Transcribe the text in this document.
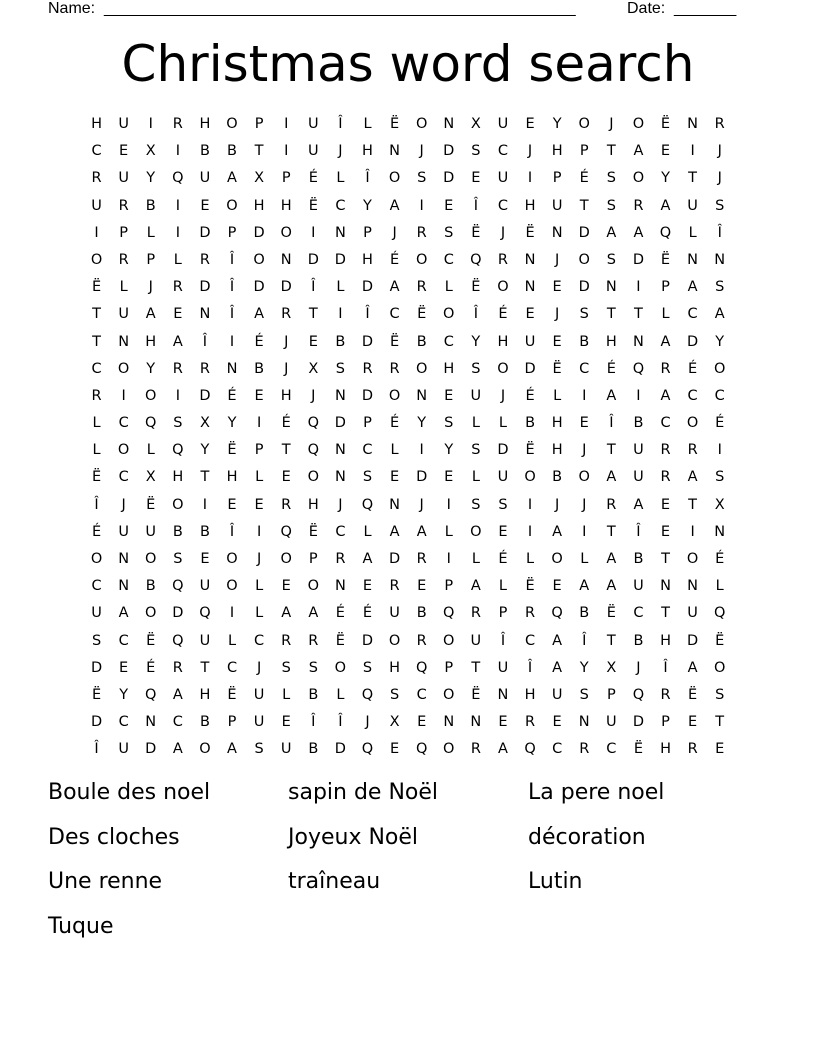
Name: _____________________________________________________	Date: _______
Christmas word search
H	U	I	R	H	O	P	I	U	Î	L	Ë	O	N	X	U	E	Y	O	J	O	Ë	N	R
C	E	X	I	B	B	T	I	U	J	H	N	J	D	S	C	J	H	P	T	A	E	I	J
R	U	Y	Q	U	A	X	P	É	L	Î	O	S	D	E	U	I	P	É	S	O	Y	T	J
U	R	B	I	E	O	H	H	Ë	C	Y	A	I	E	Î	C	H	U	T	S	R	A	U	S
I	P	L	I	D	P	D	O	I	N	P	J	R	S	Ë	J	Ë	N	D	A	A	Q	L	Î
O	R	P	L	R	Î	O	N	D	D	H	É	O	C	Q	R	N	J	O	S	D	Ë	N	N
Ë	L	J	R	D	Î	D	D	Î	L	D	A	R	L	Ë	O	N	E	D	N	I	P	A	S
T	U	A	E	N	Î	A	R	T	I	Î	C	Ë	O	Î	É	E	J	S	T	T	L	C	A
T	N	H	A	Î	I	É	J	E	B	D	Ë	B	C	Y	H	U	E	B	H	N	A	D	Y
C	O	Y	R	R	N	B	J	X	S	R	R	O	H	S	O	D	Ë	C	É	Q	R	É	O
R	I	O	I	D	É	E	H	J	N	D	O	N	E	U	J	É	L	I	A	I	A	C	C
L	C	Q	S	X	Y	I	É	Q	D	P	É	Y	S	L	L	B	H	E	Î	B	C	O	É
L	O	L	Q	Y	Ë	P	T	Q	N	C	L	I	Y	S	D	Ë	H	J	T	U	R	R	I
Ë	C	X	H	T	H	L	E	O	N	S	E	D	E	L	U	O	B	O	A	U	R	A	S
Î	J	Ë	O	I	E	E	R	H	J	Q	N	J	I	S	S	I	J	J	R	A	E	T	X
É	U	U	B	B	Î	I	Q	Ë	C	L	A	A	L	O	E	I	A	I	T	Î	E	I	N
O	N	O	S	E	O	J	O	P	R	A	D	R	I	L	É	L	O	L	A	B	T	O	É
C	N	B	Q	U	O	L	E	O	N	E	R	E	P	A	L	Ë	E	A	A	U	N	N	L
U	A	O	D	Q	I	L	A	A	É	É	U	B	Q	R	P	R	Q	B	Ë	C	T	U	Q
S	C	Ë	Q	U	L	C	R	R	Ë	D	O	R	O	U	Î	C	A	Î	T	B	H	D	Ë
D	E	É	R	T	C	J	S	S	O	S	H	Q	P	T	U	Î	A	Y	X	J	Î	A	O
Ë	Y	Q	A	H	Ë	U	L	B	L	Q	S	C	O	Ë	N	H	U	S	P	Q	R	Ë	S
D	C	N	C	B	P	U	E	Î	Î	J	X	E	N	N	E	R	E	N	U	D	P	E	T
Î	U	D	A	O	A	S	U	B	D	Q	E	Q	O	R	A	Q	C	R	C	Ë	H	R	E
Boule des noel	sapin de Noël	La pere noel
Des cloches	Joyeux Noël	décoration
Une renne	traîneau	Lutin
Tuque
